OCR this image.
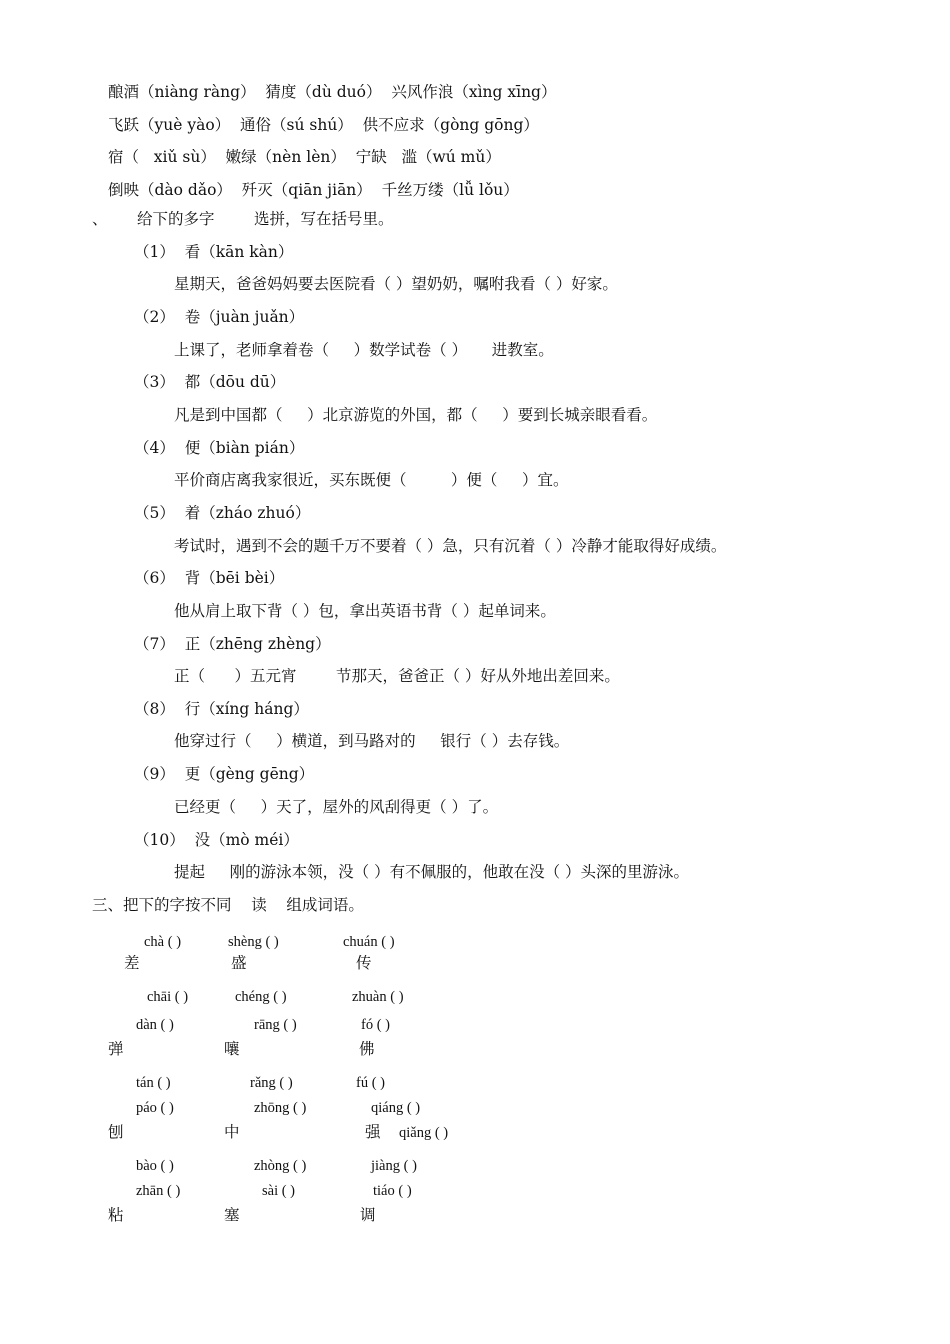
酿酒（niàng ràng）  猜度（dù duó）  兴风作浪（xìng xīng）
飞跃（yuè yào）  通俗（sú shú）  供不应求（gòng gōng）
宿（   xiǔ sù）  嫩绿（nèn lèn）  宁缺   滥（wú mǔ）
倒映（dào dǎo）  歼灭（qiān jiān）  千丝万缕（lǚ lǒu）
、      给下的多字        选拼，写在括号里。
（1）  看（kān kàn）
星期天，爸爸妈妈要去医院看（ ）望奶奶，嘱咐我看（ ）好家。
（2）  卷（juàn juǎn）
上课了，老师拿着卷（     ）数学试卷（ ）     进教室。
（3）  都（dōu dū）
凡是到中国都（     ）北京游览的外国，都（     ）要到长城亲眼看看。
（4）  便（biàn pián）
平价商店离我家很近，买东既便（         ）便（     ）宜。
（5）  着（zháo zhuó）
考试时，遇到不会的题千万不要着（ ）急，只有沉着（ ）冷静才能取得好成绩。
（6）  背（bēi bèi）
他从肩上取下背（ ）包，拿出英语书背（ ）起单词来。
（7）  正（zhēng zhèng）
正（      ）五元宵        节那天，爸爸正（ ）好从外地出差回来。
（8）  行（xíng háng）
他穿过行（     ）横道，到马路对的     银行（ ）去存钱。
（9）  更（gèng gēng）
已经更（     ）天了，屋外的风刮得更（ ）了。
（10）  没（mò méi）
提起     刚的游泳本领，没（ ）有不佩服的，他敢在没（ ）头深的里游泳。
三、把下的字按不同    读    组成词语。
chà ( )	shèng ( )	chuán ( )
差	盛	传
chāi ( )	chéng ( )	zhuàn ( )
dàn ( )	rāng ( )	fó ( )
弹	嚷	佛
tán ( )	rǎng ( )	fú ( )
páo ( )	zhōng ( )	qiáng ( )
刨	中	强 qiǎng ( )
bào ( )	zhòng ( )	jiàng ( )
zhān ( )	sài ( )	tiáo ( )
粘	塞	调
